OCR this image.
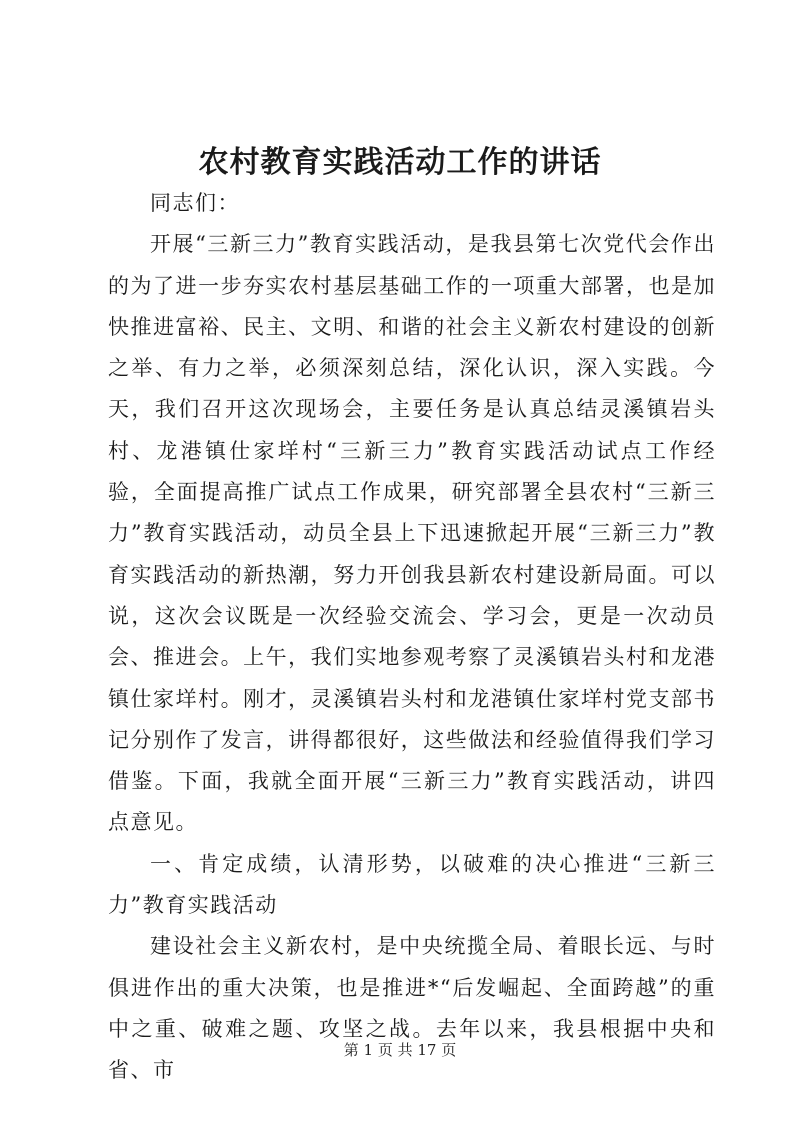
农村教育实践活动工作的讲话

同志们：

开展“三新三力”教育实践活动，是我县第七次党代会作出的为了进一步夯实农村基层基础工作的一项重大部署，也是加快推进富裕、民主、文明、和谐的社会主义新农村建设的创新之举、有力之举，必须深刻总结，深化认识，深入实践。今天，我们召开这次现场会，主要任务是认真总结灵溪镇岩头村、龙港镇仕家垟村“三新三力”教育实践活动试点工作经验，全面提高推广试点工作成果，研究部署全县农村“三新三力”教育实践活动，动员全县上下迅速掀起开展“三新三力”教育实践活动的新热潮，努力开创我县新农村建设新局面。可以说，这次会议既是一次经验交流会、学习会，更是一次动员会、推进会。上午，我们实地参观考察了灵溪镇岩头村和龙港镇仕家垟村。刚才，灵溪镇岩头村和龙港镇仕家垟村党支部书记分别作了发言，讲得都很好，这些做法和经验值得我们学习借鉴。下面，我就全面开展“三新三力”教育实践活动，讲四点意见。

一、肯定成绩，认清形势，以破难的决心推进“三新三力”教育实践活动

建设社会主义新农村，是中央统揽全局、着眼长远、与时俱进作出的重大决策，也是推进*“后发崛起、全面跨越”的重中之重、破难之题、攻坚之战。去年以来，我县根据中央和省、市

第 1 页 共 17 页
